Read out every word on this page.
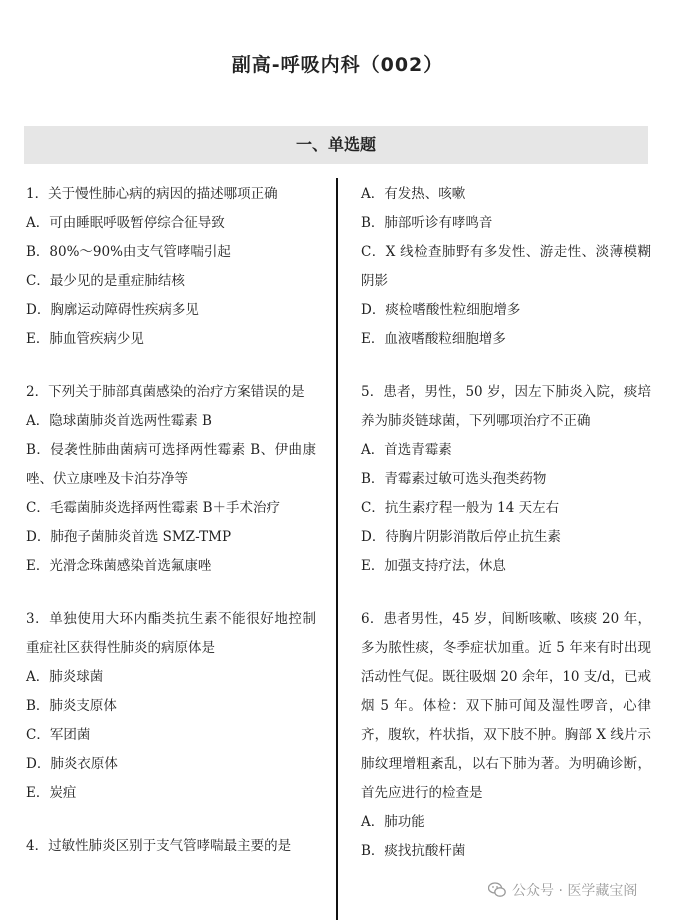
副高-呼吸内科（002）
一、单选题

1．关于慢性肺心病的病因的描述哪项正确

A．可由睡眠呼吸暂停综合征导致

B．80%～90%由支气管哮喘引起

C．最少见的是重症肺结核

D．胸廓运动障碍性疾病多见

E．肺血管疾病少见

2．下列关于肺部真菌感染的治疗方案错误的是

A．隐球菌肺炎首选两性霉素 B

B．侵袭性肺曲菌病可选择两性霉素 B、伊曲康唑、伏立康唑及卡泊芬净等

C．毛霉菌肺炎选择两性霉素 B＋手术治疗

D．肺孢子菌肺炎首选 SMZ-TMP

E．光滑念珠菌感染首选氟康唑

3．单独使用大环内酯类抗生素不能很好地控制重症社区获得性肺炎的病原体是

A．肺炎球菌

B．肺炎支原体

C．军团菌

D．肺炎衣原体

E．炭疽

4．过敏性肺炎区别于支气管哮喘最主要的是

A．有发热、咳嗽

B．肺部听诊有哮鸣音

C．X 线检查肺野有多发性、游走性、淡薄模糊阴影

D．痰检嗜酸性粒细胞增多

E．血液嗜酸粒细胞增多

5．患者，男性，50 岁，因左下肺炎入院，痰培养为肺炎链球菌，下列哪项治疗不正确

A．首选青霉素

B．青霉素过敏可选头孢类药物

C．抗生素疗程一般为 14 天左右

D．待胸片阴影消散后停止抗生素

E．加强支持疗法，休息

6．患者男性，45 岁，间断咳嗽、咳痰 20 年，多为脓性痰，冬季症状加重。近 5 年来有时出现活动性气促。既往吸烟 20 余年，10 支/d，已戒烟 5 年。体检：双下肺可闻及湿性啰音，心律齐，腹软，杵状指，双下肢不肿。胸部 X 线片示肺纹理增粗紊乱，以右下肺为著。为明确诊断，首先应进行的检查是

A．肺功能

B．痰找抗酸杆菌

公众号 · 医学藏宝阁
